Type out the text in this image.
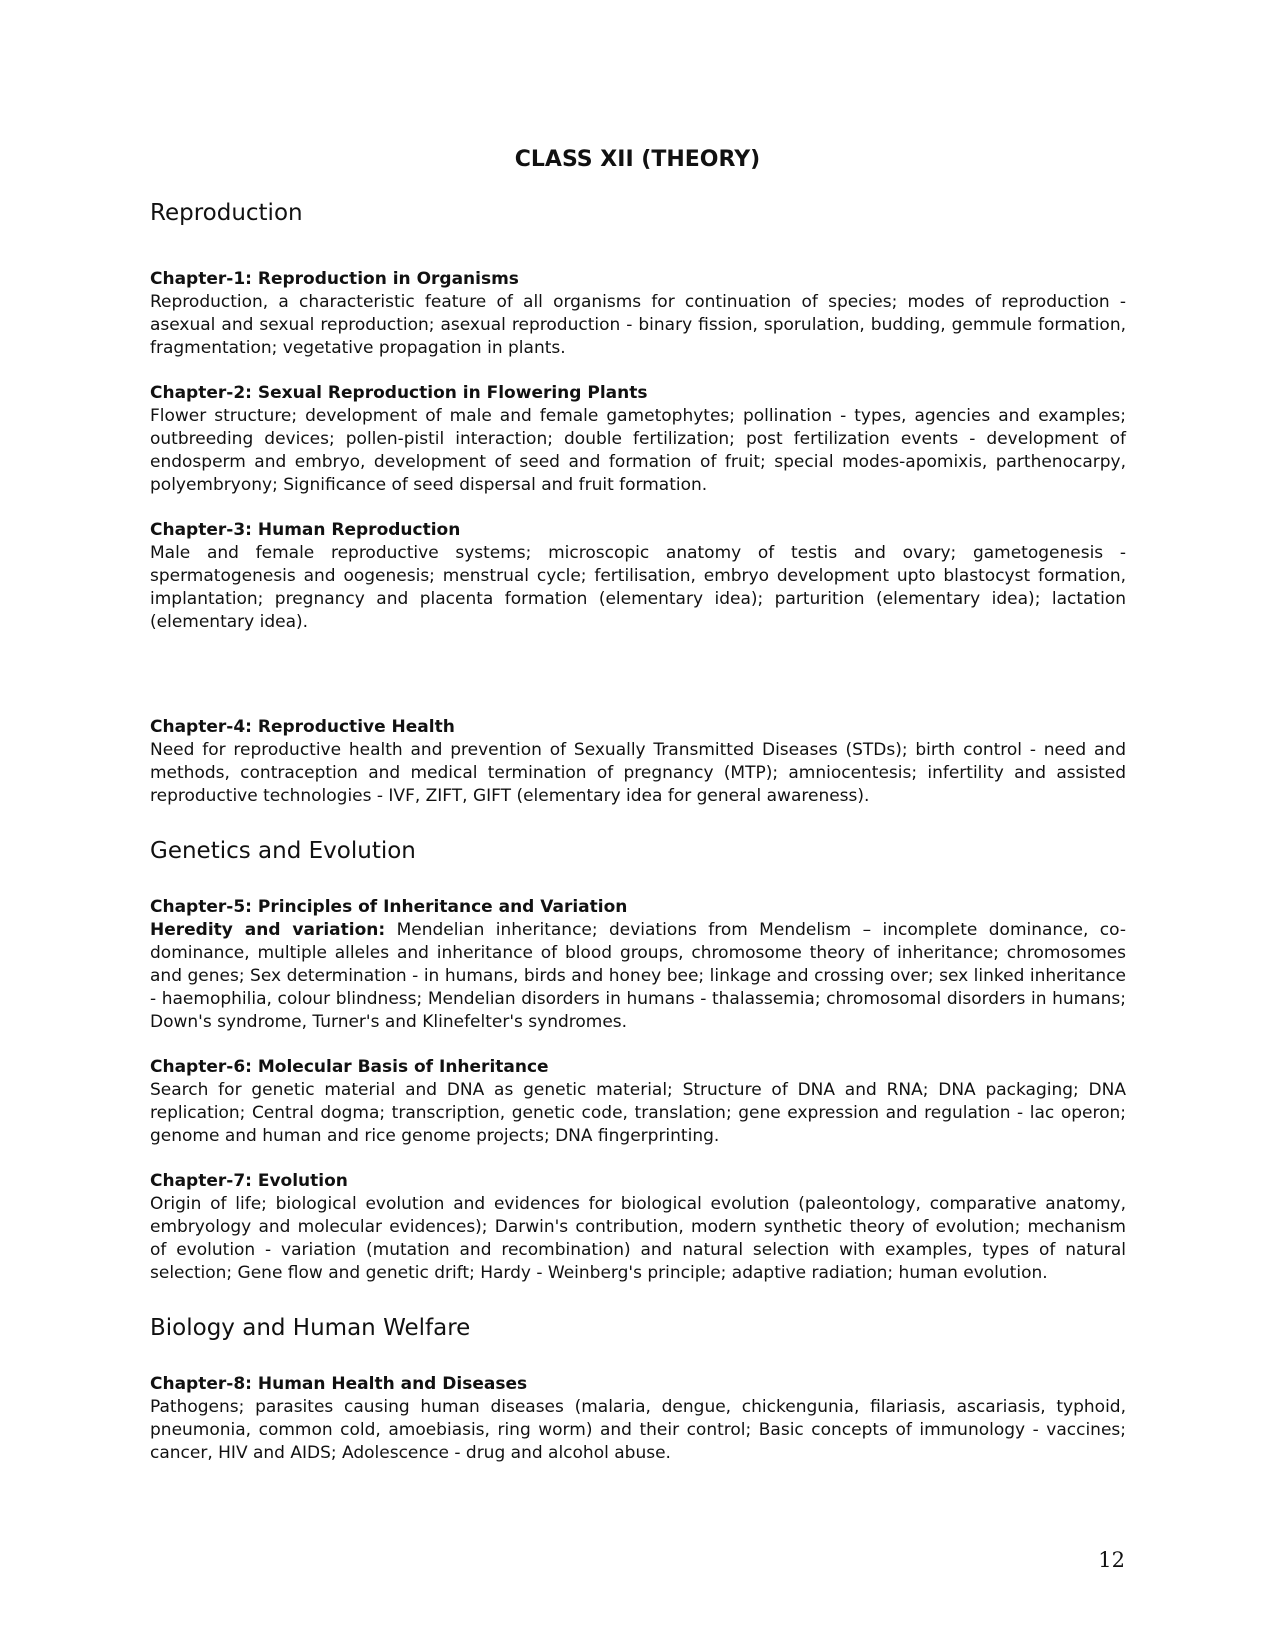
CLASS XII (THEORY)
Reproduction

Chapter-1: Reproduction in Organisms

Reproduction, a characteristic feature of all organisms for continuation of species; modes of reproduction - asexual and sexual reproduction; asexual reproduction - binary fission, sporulation, budding, gemmule formation, fragmentation; vegetative propagation in plants.

Chapter-2: Sexual Reproduction in Flowering Plants

Flower structure; development of male and female gametophytes; pollination - types, agencies and examples; outbreeding devices; pollen-pistil interaction; double fertilization; post fertilization events - development of endosperm and embryo, development of seed and formation of fruit; special modes-apomixis, parthenocarpy, polyembryony; Significance of seed dispersal and fruit formation.

Chapter-3: Human Reproduction

Male and female reproductive systems; microscopic anatomy of testis and ovary; gametogenesis - spermatogenesis and oogenesis; menstrual cycle; fertilisation, embryo development upto blastocyst formation, implantation; pregnancy and placenta formation (elementary idea); parturition (elementary idea); lactation (elementary idea).

Chapter-4: Reproductive Health

Need for reproductive health and prevention of Sexually Transmitted Diseases (STDs); birth control - need and methods, contraception and medical termination of pregnancy (MTP); amniocentesis; infertility and assisted reproductive technologies - IVF, ZIFT, GIFT (elementary idea for general awareness).

Genetics and Evolution

Chapter-5: Principles of Inheritance and Variation

Heredity and variation: Mendelian inheritance; deviations from Mendelism – incomplete dominance, co-dominance, multiple alleles and inheritance of blood groups, chromosome theory of inheritance; chromosomes and genes; Sex determination - in humans, birds and honey bee; linkage and crossing over; sex linked inheritance - haemophilia, colour blindness; Mendelian disorders in humans - thalassemia; chromosomal disorders in humans; Down's syndrome, Turner's and Klinefelter's syndromes.

Chapter-6: Molecular Basis of Inheritance

Search for genetic material and DNA as genetic material; Structure of DNA and RNA; DNA packaging; DNA replication; Central dogma; transcription, genetic code, translation; gene expression and regulation - lac operon; genome and human and rice genome projects; DNA fingerprinting.

Chapter-7: Evolution

Origin of life; biological evolution and evidences for biological evolution (paleontology, comparative anatomy, embryology and molecular evidences); Darwin's contribution, modern synthetic theory of evolution; mechanism of evolution - variation (mutation and recombination) and natural selection with examples, types of natural selection; Gene flow and genetic drift; Hardy - Weinberg's principle; adaptive radiation; human evolution.

Biology and Human Welfare

Chapter-8: Human Health and Diseases

Pathogens; parasites causing human diseases (malaria, dengue, chickengunia, filariasis, ascariasis, typhoid, pneumonia, common cold, amoebiasis, ring worm) and their control; Basic concepts of immunology - vaccines; cancer, HIV and AIDS; Adolescence - drug and alcohol abuse.

12
